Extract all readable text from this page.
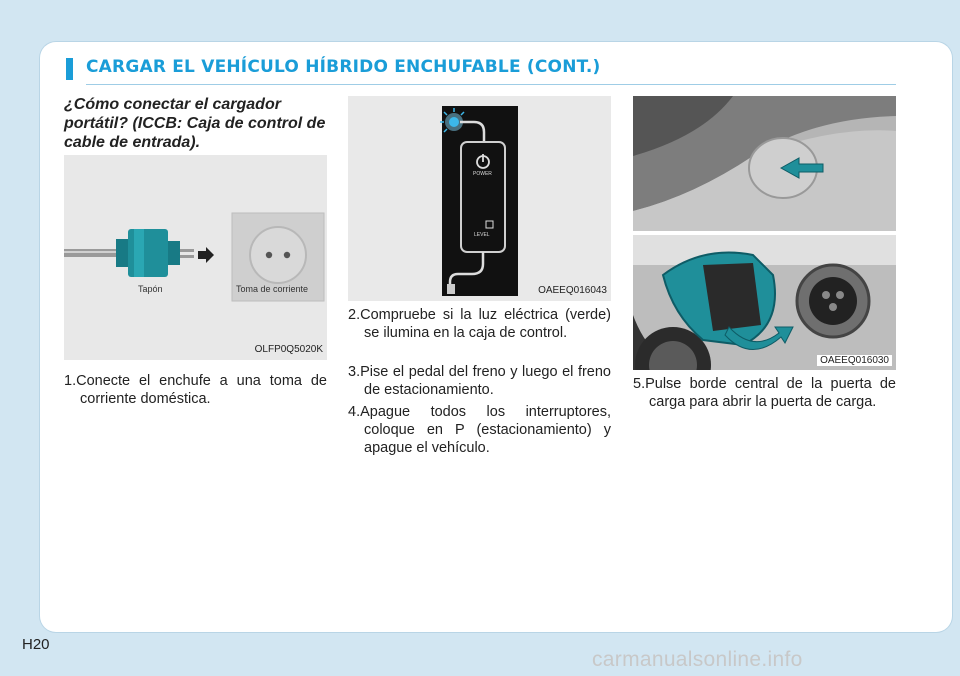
CARGAR EL VEHÍCULO HÍBRIDO ENCHUFABLE (CONT.)
¿Cómo conectar el cargador portátil? (ICCB: Caja de control de cable de entrada).
Tapón	Toma de corriente
OLFP0Q5020K
1.Conecte el enchufe a una toma de corriente doméstica.
POWER
LEVEL
OAEEQ016043
2.Compruebe si la luz eléctrica (verde) se ilumina en la caja de control.
3.Pise el pedal del freno y luego el freno de estacionamiento.
4.Apague todos los interruptores, coloque en P (estacionamiento) y apague el vehículo.
OAEEQ016030
5.Pulse borde central de la puerta de carga para abrir la puerta de carga.
H20
carmanualsonline.info
